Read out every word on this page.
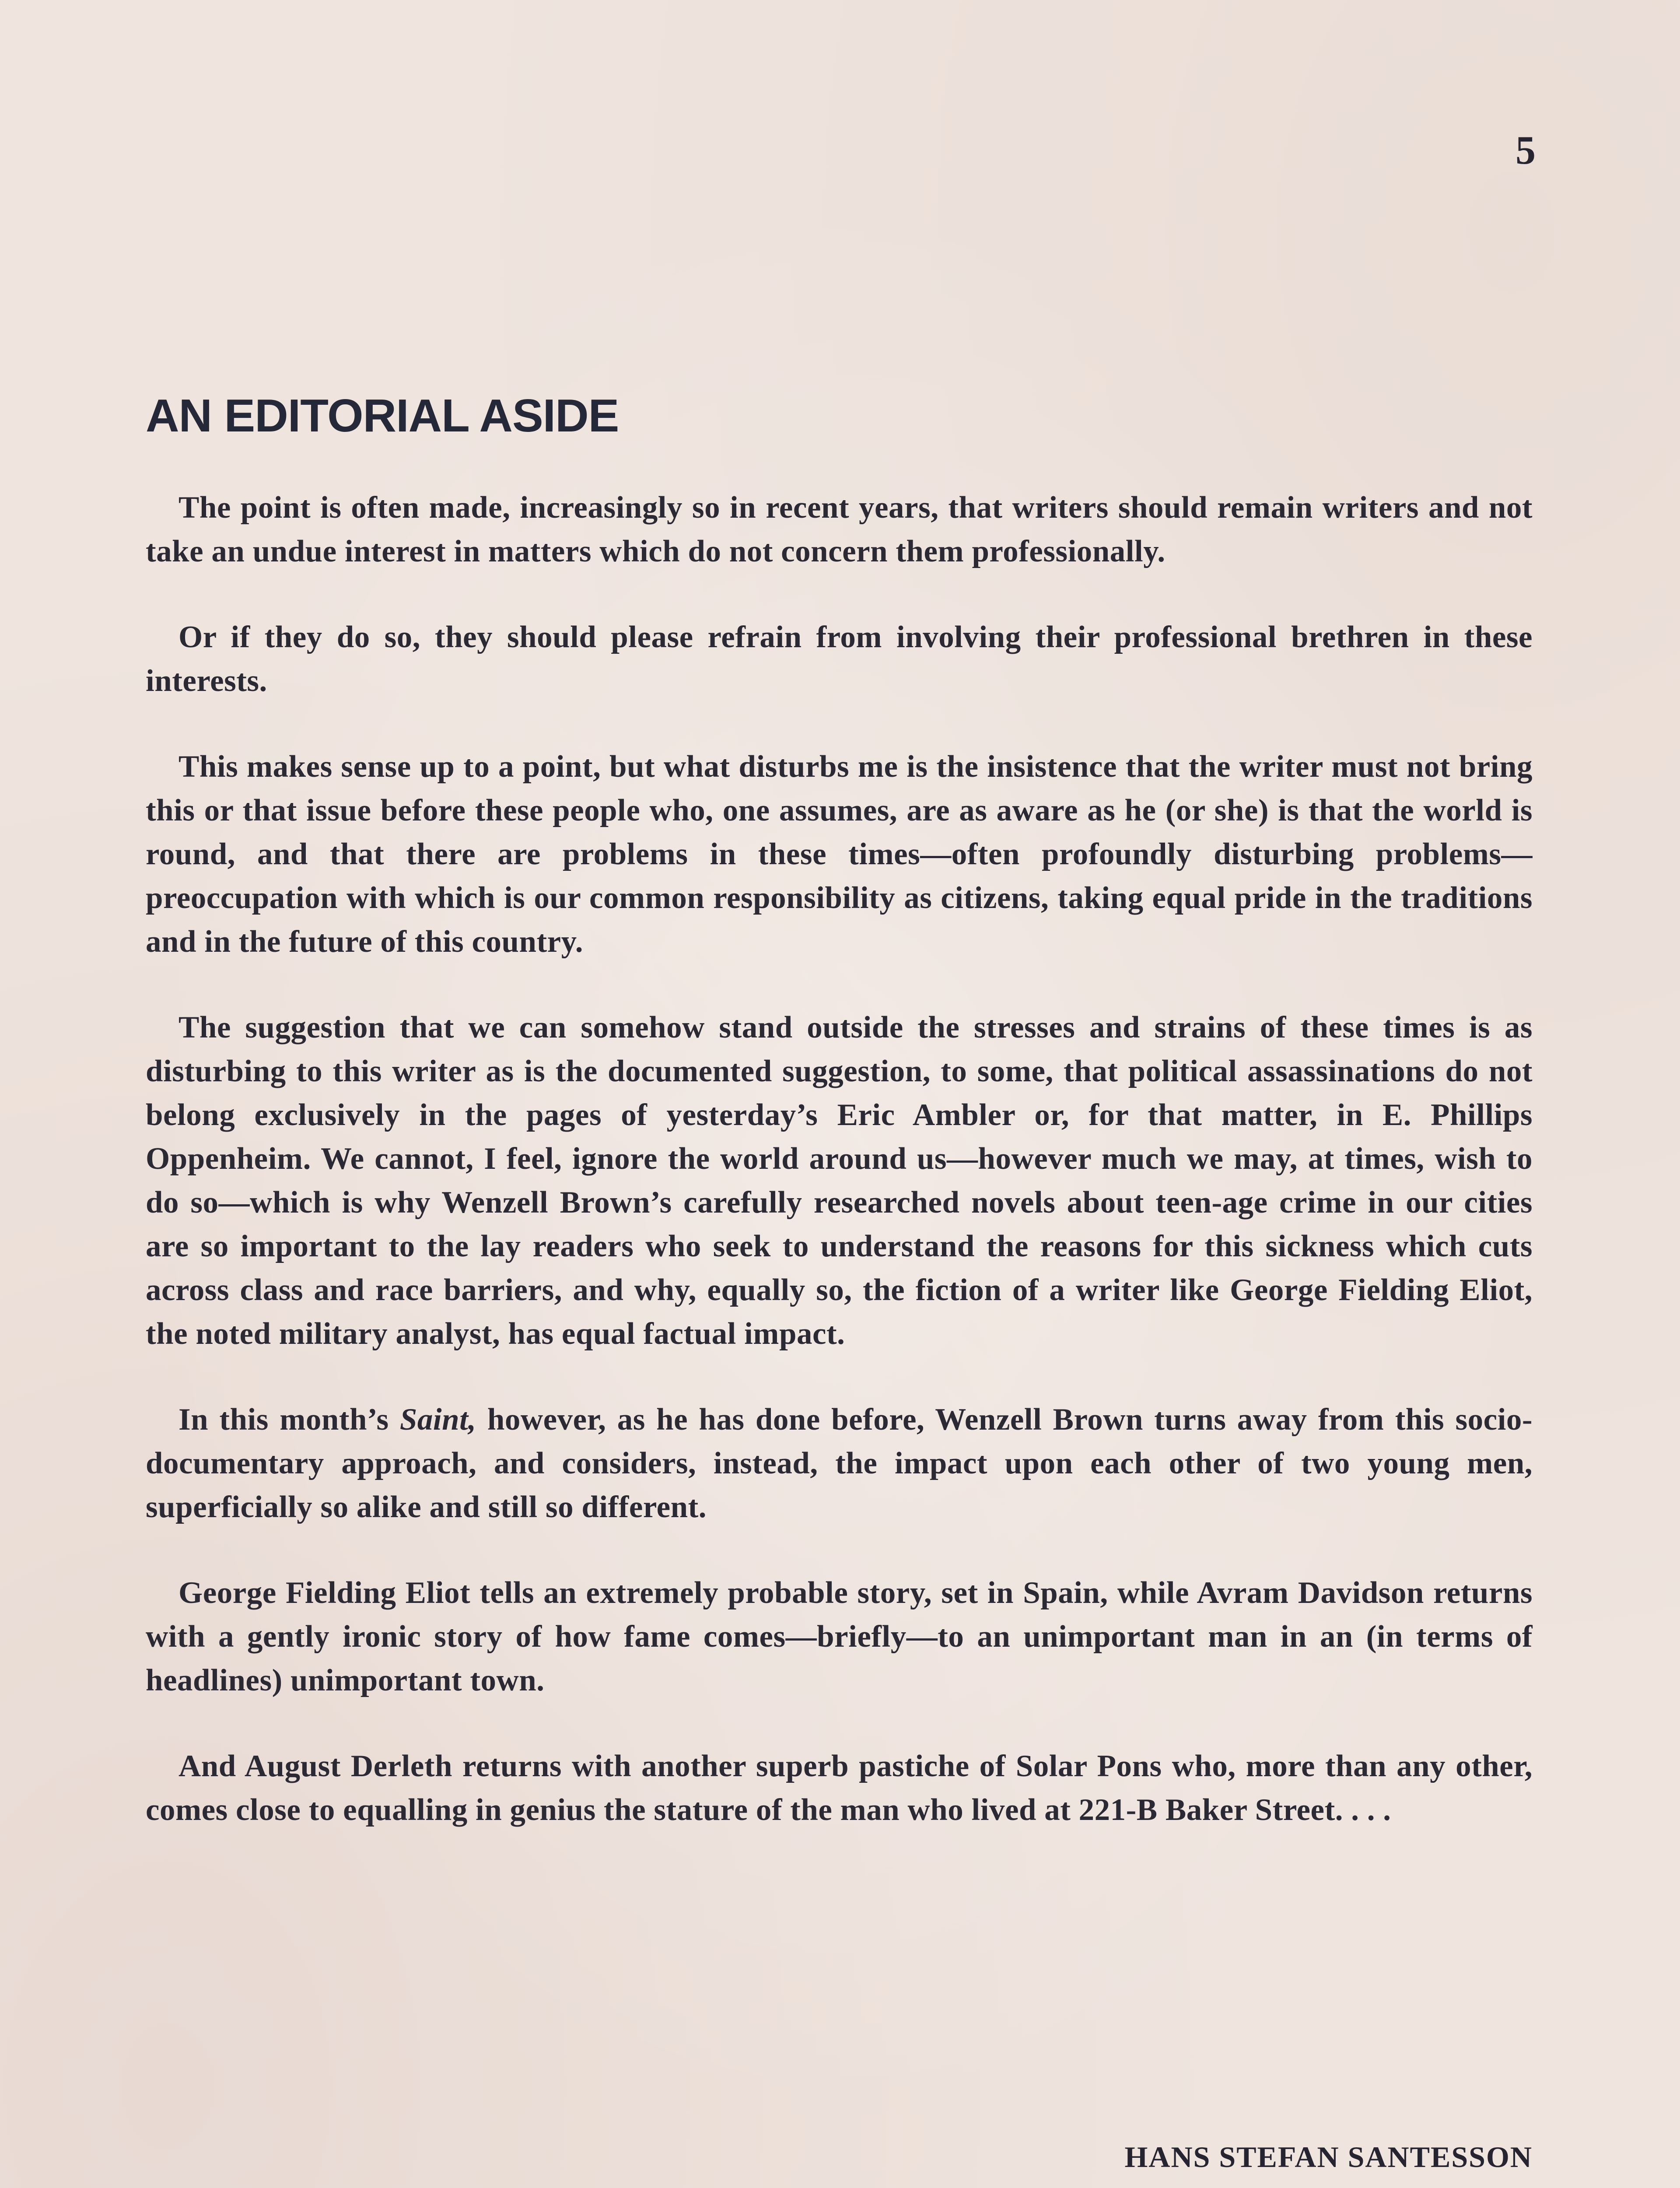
5
AN EDITORIAL ASIDE

The point is often made, increasingly so in recent years, that writers should remain writers and not take an undue interest in matters which do not concern them professionally.

Or if they do so, they should please refrain from involving their professional brethren in these interests.

This makes sense up to a point, but what disturbs me is the insistence that the writer must not bring this or that issue before these people who, one assumes, are as aware as he (or she) is that the world is round, and that there are problems in these times—often profoundly disturbing problems—preoccupation with which is our common responsibility as citizens, taking equal pride in the traditions and in the future of this country.

The suggestion that we can somehow stand outside the stresses and strains of these times is as disturbing to this writer as is the documented suggestion, to some, that political assassinations do not belong exclusively in the pages of yesterday’s Eric Ambler or, for that matter, in E. Phillips Oppenheim. We cannot, I feel, ignore the world around us—however much we may, at times, wish to do so—which is why Wenzell Brown’s carefully researched novels about teen-age crime in our cities are so important to the lay readers who seek to understand the reasons for this sickness which cuts across class and race barriers, and why, equally so, the fiction of a writer like George Fielding Eliot, the noted military analyst, has equal factual impact.

In this month’s Saint, however, as he has done before, Wenzell Brown turns away from this socio-documentary approach, and considers, instead, the impact upon each other of two young men, superficially so alike and still so different.

George Fielding Eliot tells an extremely probable story, set in Spain, while Avram Davidson returns with a gently ironic story of how fame comes—briefly—to an unimportant man in an (in terms of headlines) unimportant town.

And August Derleth returns with another superb pastiche of Solar Pons who, more than any other, comes close to equalling in genius the stature of the man who lived at 221-B Baker Street. . . .

HANS STEFAN SANTESSON
